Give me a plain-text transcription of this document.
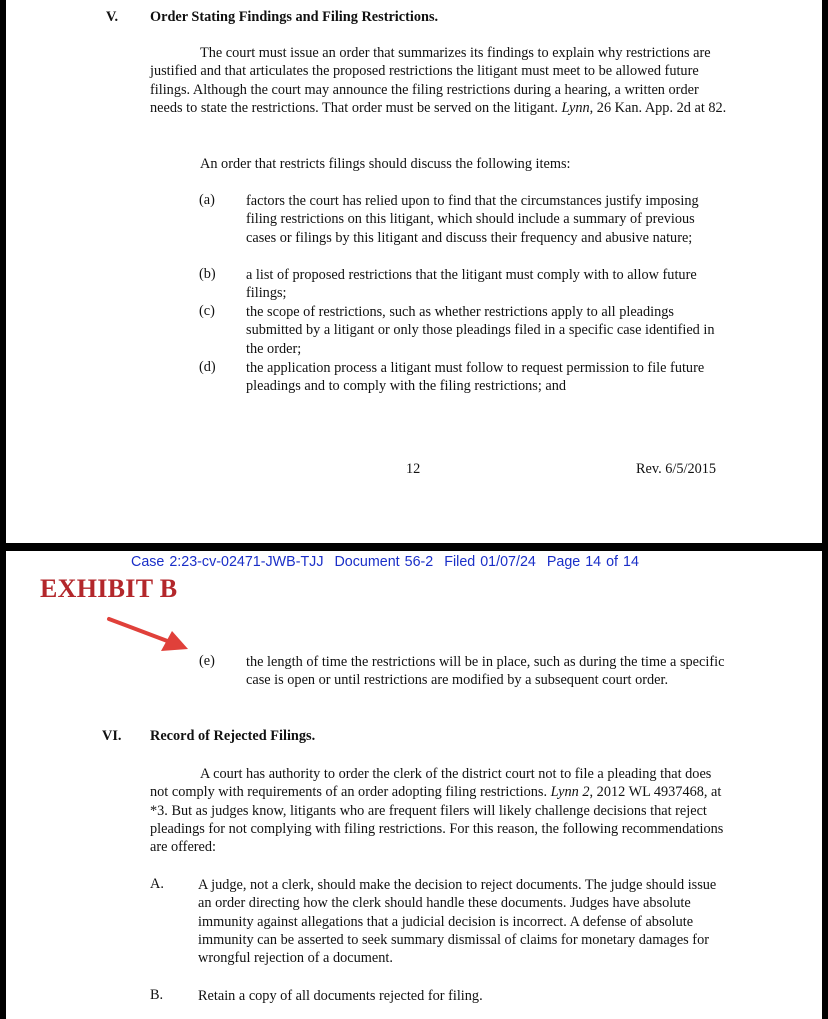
V. Order Stating Findings and Filing Restrictions.

The court must issue an order that summarizes its findings to explain why restrictions are justified and that articulates the proposed restrictions the litigant must meet to be allowed future filings. Although the court may announce the filing restrictions during a hearing, a written order needs to state the restrictions. That order must be served on the litigant. Lynn, 26 Kan. App. 2d at 82.

An order that restricts filings should discuss the following items:

(a) factors the court has relied upon to find that the circumstances justify imposing filing restrictions on this litigant, which should include a summary of previous cases or filings by this litigant and discuss their frequency and abusive nature;
(b) a list of proposed restrictions that the litigant must comply with to allow future filings;
(c) the scope of restrictions, such as whether restrictions apply to all pleadings submitted by a litigant or only those pleadings filed in a specific case identified in the order;
(d) the application process a litigant must follow to request permission to file future pleadings and to comply with the filing restrictions; and
12	Rev. 6/5/2015
Case 2:23-cv-02471-JWB-TJJ Document 56-2 Filed 01/07/24 Page 14 of 14
EXHIBIT B
(e) the length of time the restrictions will be in place, such as during the time a specific case is open or until restrictions are modified by a subsequent court order.
VI. Record of Rejected Filings.

A court has authority to order the clerk of the district court not to file a pleading that does not comply with requirements of an order adopting filing restrictions. Lynn 2, 2012 WL 4937468, at *3. But as judges know, litigants who are frequent filers will likely challenge decisions that reject pleadings for not complying with filing restrictions. For this reason, the following recommendations are offered:

A. A judge, not a clerk, should make the decision to reject documents. The judge should issue an order directing how the clerk should handle these documents. Judges have absolute immunity against allegations that a judicial decision is incorrect. A defense of absolute immunity can be asserted to seek summary dismissal of claims for monetary damages for wrongful rejection of a document.
B. Retain a copy of all documents rejected for filing.
